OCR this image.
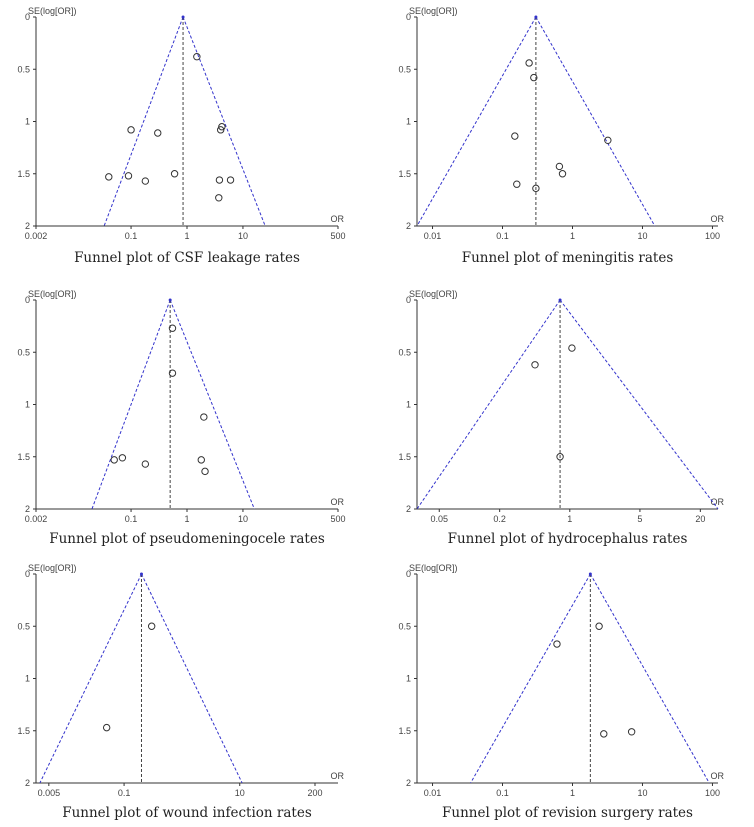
SE(log[OR])
0
0.5
1
1.5
2
0.002	0.1	1	10	500
OR
Funnel plot of CSF leakage rates
SE(log[OR])
0
0.5
1
1.5
2
0.01	0.1	1	10	100
OR
Funnel plot of meningitis rates
SE(log[OR])
0
0.5
1
1.5
2
0.002	0.1	1	10	500
OR
Funnel plot of pseudomeningocele rates
SE(log[OR])
0
0.5
1
1.5
2
0.05	0.2	1	5	20
OR
Funnel plot of hydrocephalus rates
SE(log[OR])
0
0.5
1
1.5
2
0.005	0.1	10	200
OR
Funnel plot of wound infection rates
SE(log[OR])
0
0.5
1
1.5
2
0.01	0.1	1	10	100
OR
Funnel plot of revision surgery rates
